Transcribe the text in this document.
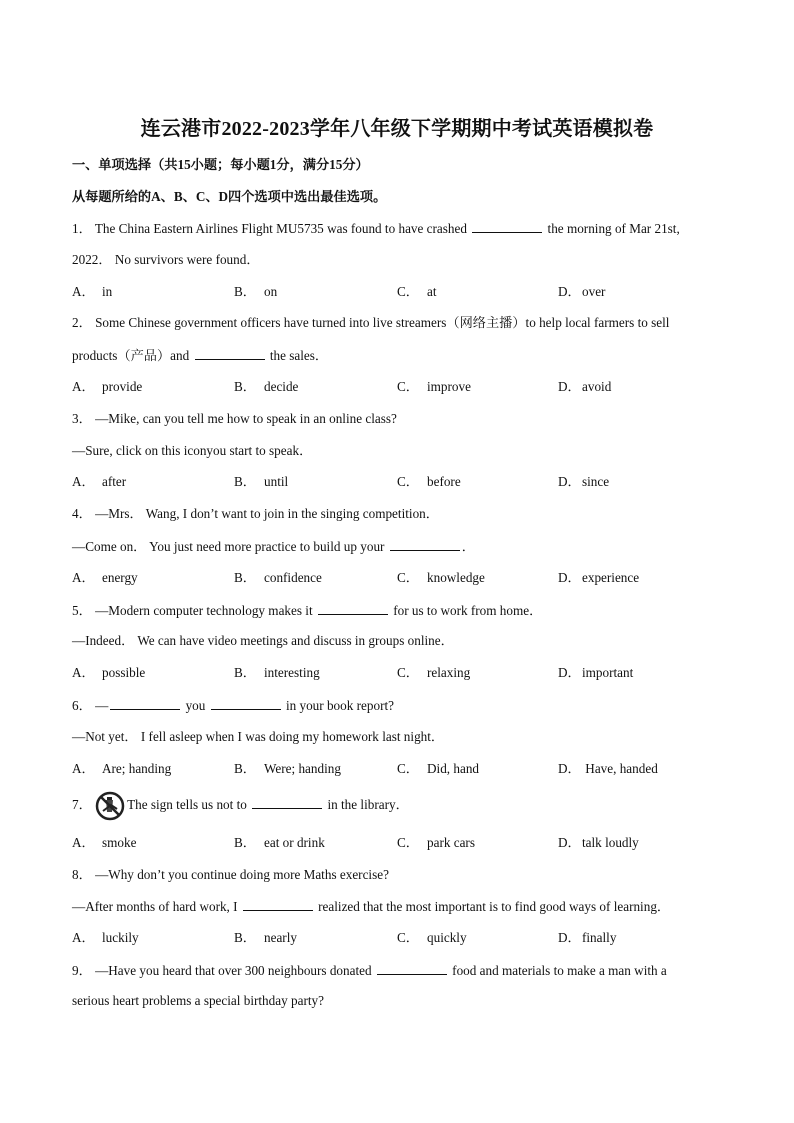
连云港市2022-2023学年八年级下学期期中考试英语模拟卷
一、单项选择（共15小题；每小题1分，满分15分）
从每题所给的A、B、C、D四个选项中选出最佳选项。
1． The China Eastern Airlines Flight MU5735 was found to have crashed	the morning of Mar 21st,
2022． No survivors were found．
A． in	B． on	C． at	D．over
2． Some Chinese government officers have turned into live streamers（网络主播）to help local farmers to sell
products（产品）and	the sales．
A． provide	B． decide	C． improve	D．avoid
3． —Mike, can you tell me how to speak in an online class?
—Sure, click on this iconyou start to speak．
A． after	B． until	C． before	D．since
4． —Mrs． Wang, I don’t want to join in the singing competition．
—Come on． You just need more practice to build up your	．
A． energy	B． confidence	C． knowledge	D．experience
5． —Modern computer technology makes it	for us to work from home．
—Indeed． We can have video meetings and discuss in groups online．
A． possible	B． interesting	C． relaxing	D．important
6． —	you	in your book report?
—Not yet． I fell asleep when I was doing my homework last night．
A． Are; handing	B． Were; handing	C． Did, hand	D． Have, handed
7． The sign tells us not to	in the library．
A． smoke	B． eat or drink	C． park cars	D．talk loudly
8． —Why don’t you continue doing more Maths exercise?
—After months of hard work, I	realized that the most important is to find good ways of learning．
A． luckily	B． nearly	C． quickly	D．finally
9． —Have you heard that over 300 neighbours donated	food and materials to make a man with a
serious heart problems a special birthday party?
